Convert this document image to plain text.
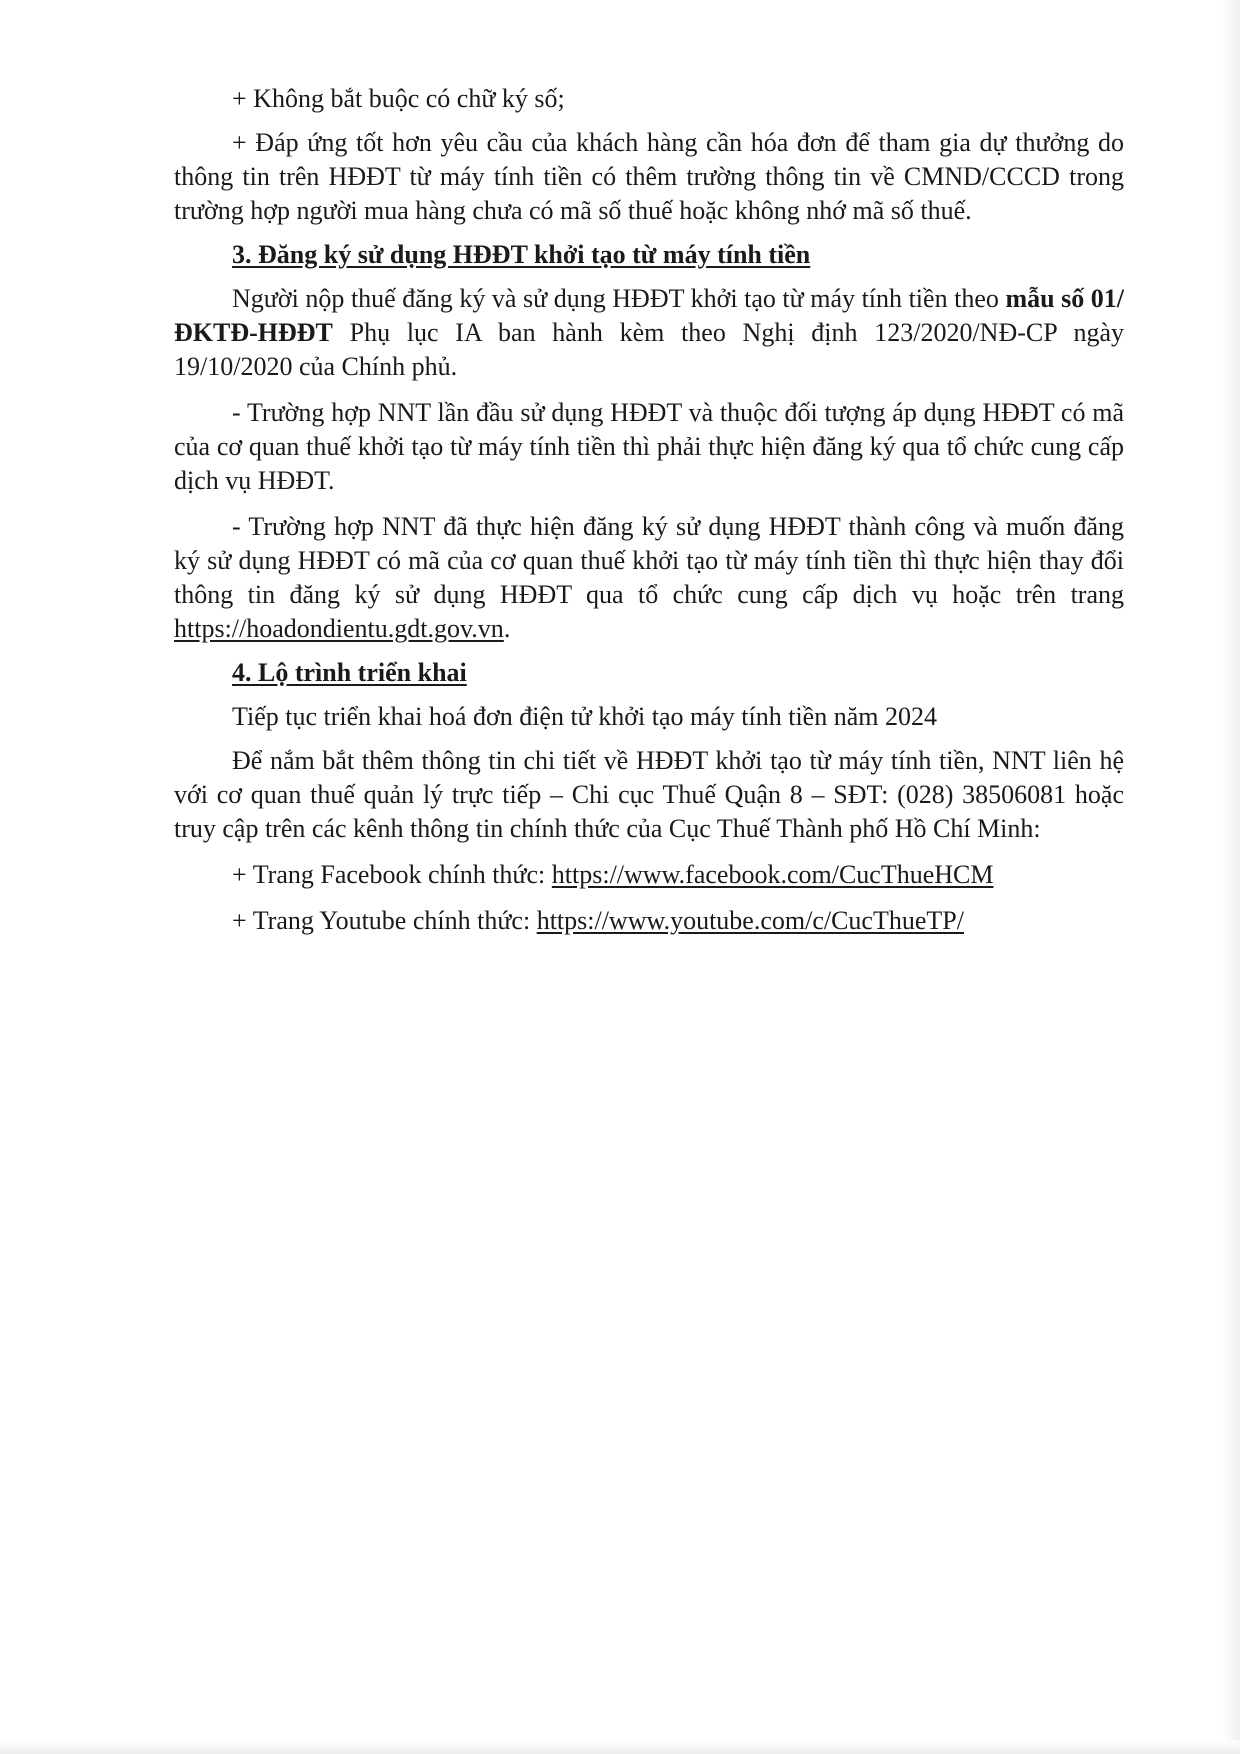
+ Không bắt buộc có chữ ký số;

+ Đáp ứng tốt hơn yêu cầu của khách hàng cần hóa đơn để tham gia dự thưởng do thông tin trên HĐĐT từ máy tính tiền có thêm trường thông tin về CMND/CCCD trong trường hợp người mua hàng chưa có mã số thuế hoặc không nhớ mã số thuế.

3. Đăng ký sử dụng HĐĐT khởi tạo từ máy tính tiền

Người nộp thuế đăng ký và sử dụng HĐĐT khởi tạo từ máy tính tiền theo mẫu số 01/ĐKTĐ-HĐĐT Phụ lục IA ban hành kèm theo Nghị định 123/2020/NĐ-CP ngày 19/10/2020 của Chính phủ.

- Trường hợp NNT lần đầu sử dụng HĐĐT và thuộc đối tượng áp dụng HĐĐT có mã của cơ quan thuế khởi tạo từ máy tính tiền thì phải thực hiện đăng ký qua tổ chức cung cấp dịch vụ HĐĐT.

- Trường hợp NNT đã thực hiện đăng ký sử dụng HĐĐT thành công và muốn đăng ký sử dụng HĐĐT có mã của cơ quan thuế khởi tạo từ máy tính tiền thì thực hiện thay đổi thông tin đăng ký sử dụng HĐĐT qua tổ chức cung cấp dịch vụ hoặc trên trang https://hoadondientu.gdt.gov.vn.

4. Lộ trình triển khai

Tiếp tục triển khai hoá đơn điện tử khởi tạo máy tính tiền năm 2024

Để nắm bắt thêm thông tin chi tiết về HĐĐT khởi tạo từ máy tính tiền, NNT liên hệ với cơ quan thuế quản lý trực tiếp – Chi cục Thuế Quận 8 – SĐT: (028) 38506081 hoặc truy cập trên các kênh thông tin chính thức của Cục Thuế Thành phố Hồ Chí Minh:

+ Trang Facebook chính thức: https://www.facebook.com/CucThueHCM

+ Trang Youtube chính thức: https://www.youtube.com/c/CucThueTP/
